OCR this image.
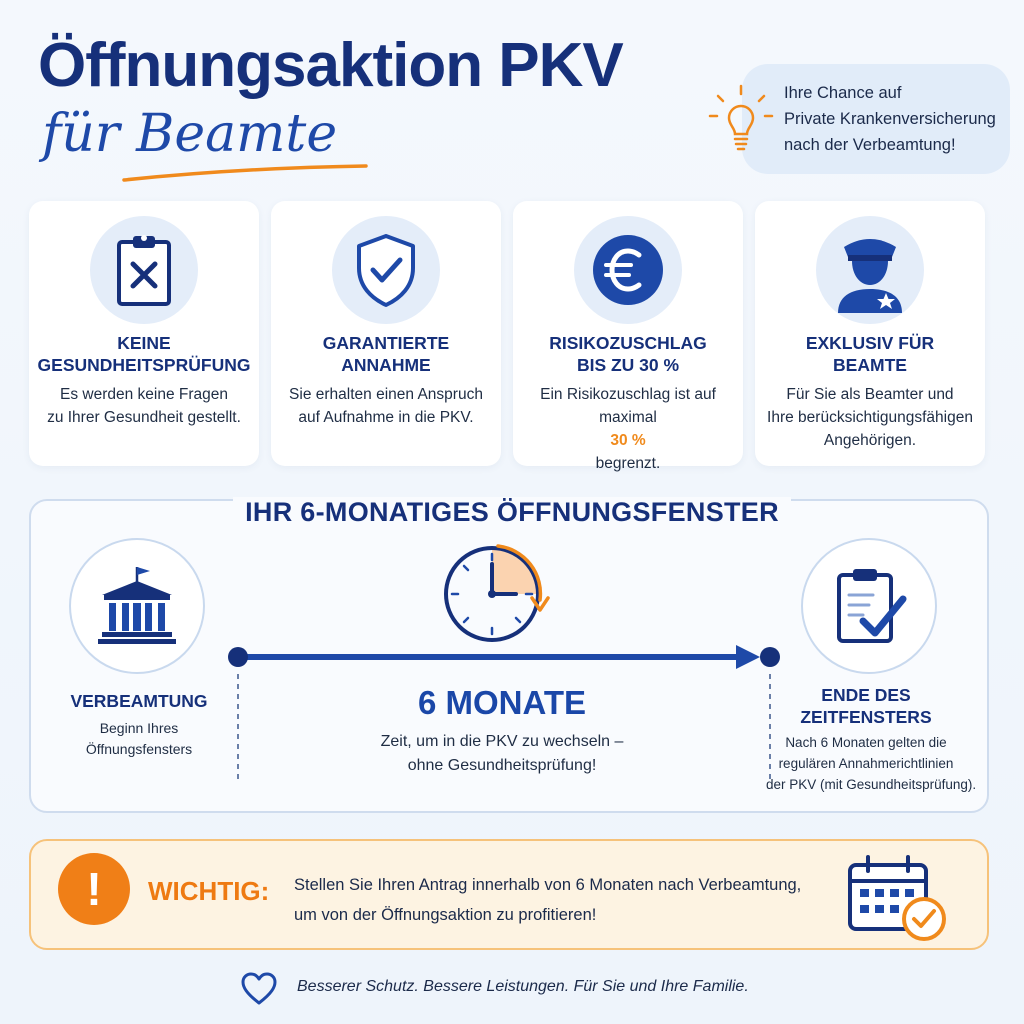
Öffnungsaktion PKV
für Beamte
Ihre Chance auf
Private Krankenversicherung
nach der Verbeamtung!
KEINE
GESUNDHEITSPRÜFUNG
Es werden keine Fragen
zu Ihrer Gesundheit gestellt.
GARANTIERTE
ANNAHME
Sie erhalten einen Anspruch
auf Aufnahme in die PKV.
RISIKOZUSCHLAG
BIS ZU 30 %
Ein Risikozuschlag ist auf
maximal
30 %
begrenzt.
EXKLUSIV FÜR
BEAMTE
Für Sie als Beamter und
Ihre berücksichtigungsfähigen
Angehörigen.
IHR 6-MONATIGES ÖFFNUNGSFENSTER
VERBEAMTUNG
Beginn Ihres
Öffnungsfensters
6 MONATE
Zeit, um in die PKV zu wechseln –
ohne Gesundheitsprüfung!
ENDE DES
ZEITFENSTERS
Nach 6 Monaten gelten die
regulären Annahmerichtlinien
der PKV (mit Gesundheitsprüfung).
!	WICHTIG: Stellen Sie Ihren Antrag innerhalb von 6 Monaten nach Verbeamtung,
um von der Öffnungsaktion zu profitieren!
Besserer Schutz. Bessere Leistungen. Für Sie und Ihre Familie.
